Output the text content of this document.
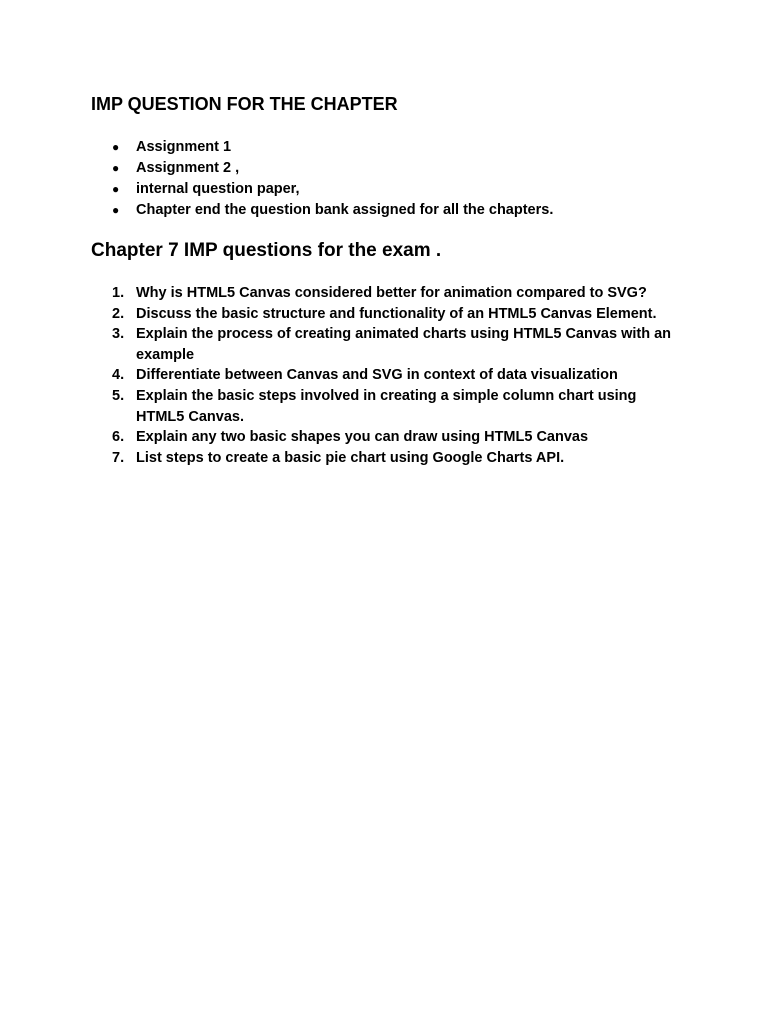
IMP QUESTION FOR THE CHAPTER
● Assignment 1
● Assignment 2 ,
● internal question paper,
● Chapter end the question bank assigned for all the chapters.
Chapter 7 IMP questions for the exam .
1. Why is HTML5 Canvas considered better for animation compared to SVG?
2. Discuss the basic structure and functionality of an HTML5 Canvas Element.
3. Explain the process of creating animated charts using HTML5 Canvas with an example
4. Differentiate between Canvas and SVG in context of data visualization
5. Explain the basic steps involved in creating a simple column chart using HTML5 Canvas.
6. Explain any two basic shapes you can draw using HTML5 Canvas
7. List steps to create a basic pie chart using Google Charts API.
